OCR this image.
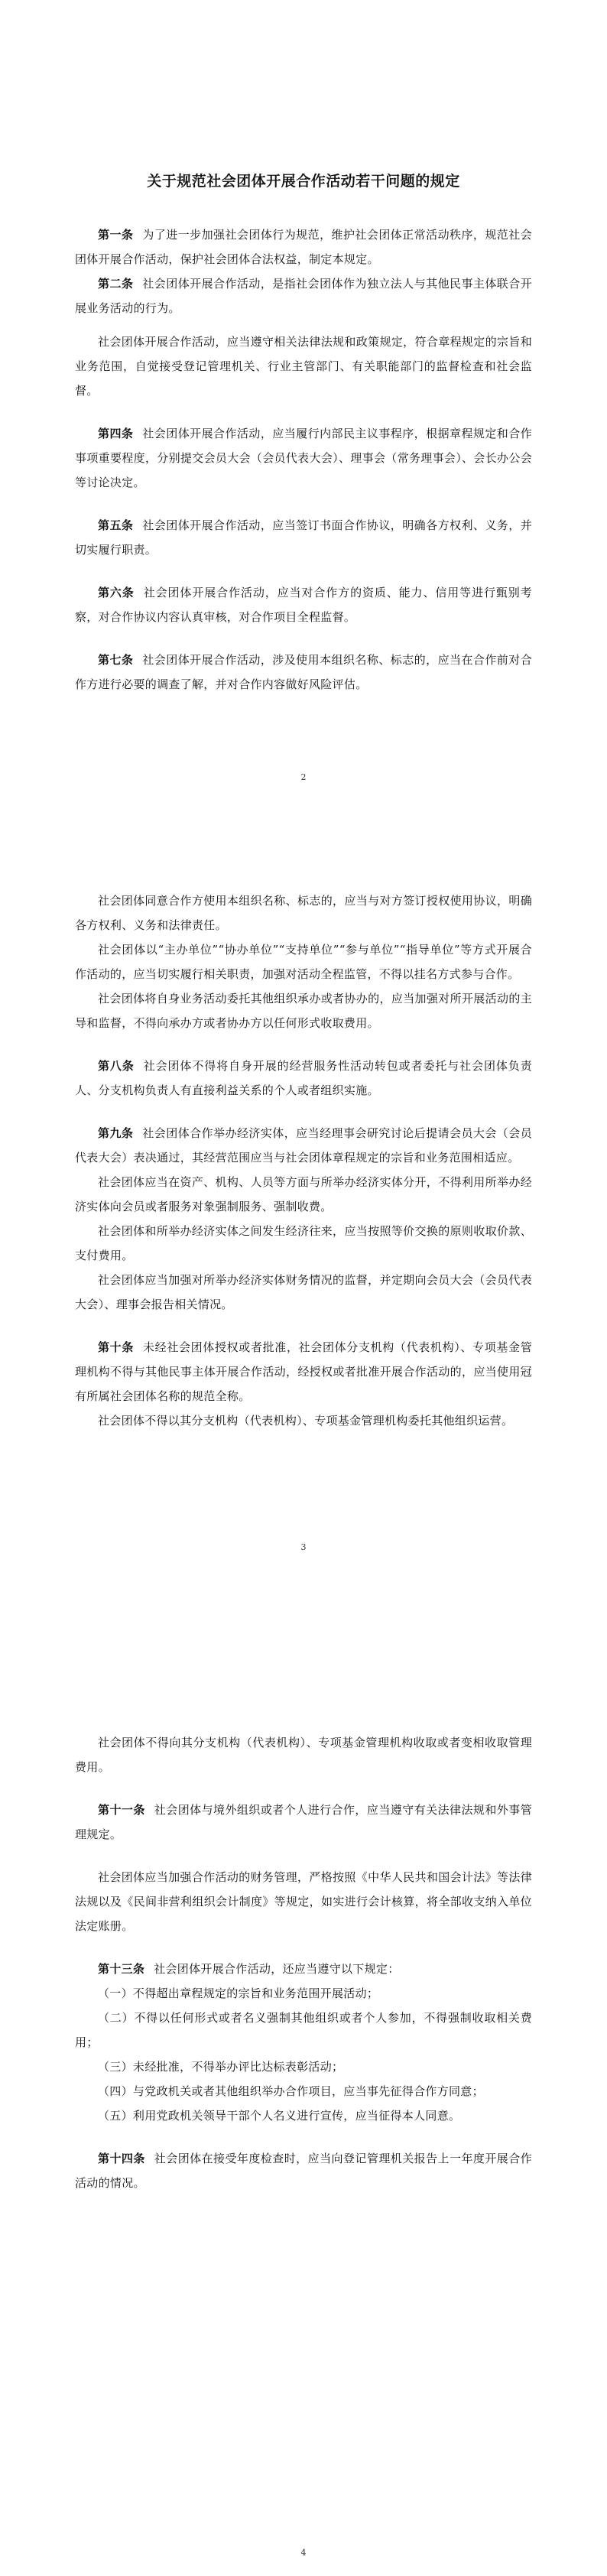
关于规范社会团体开展合作活动若干问题的规定

第一条 为了进一步加强社会团体行为规范，维护社会团体正常活动秩序，规范社会团体开展合作活动，保护社会团体合法权益，制定本规定。

第二条 社会团体开展合作活动，是指社会团体作为独立法人与其他民事主体联合开展业务活动的行为。

社会团体开展合作活动，应当遵守相关法律法规和政策规定，符合章程规定的宗旨和业务范围，自觉接受登记管理机关、行业主管部门、有关职能部门的监督检查和社会监督。

第四条 社会团体开展合作活动，应当履行内部民主议事程序，根据章程规定和合作事项重要程度，分别提交会员大会（会员代表大会）、理事会（常务理事会）、会长办公会等讨论决定。

第五条 社会团体开展合作活动，应当签订书面合作协议，明确各方权利、义务，并切实履行职责。

第六条 社会团体开展合作活动，应当对合作方的资质、能力、信用等进行甄别考察，对合作协议内容认真审核，对合作项目全程监督。

第七条 社会团体开展合作活动，涉及使用本组织名称、标志的，应当在合作前对合作方进行必要的调查了解，并对合作内容做好风险评估。

2

社会团体同意合作方使用本组织名称、标志的，应当与对方签订授权使用协议，明确各方权利、义务和法律责任。

社会团体以“主办单位”“协办单位”“支持单位”“参与单位”“指导单位”等方式开展合作活动的，应当切实履行相关职责，加强对活动全程监管，不得以挂名方式参与合作。

社会团体将自身业务活动委托其他组织承办或者协办的，应当加强对所开展活动的主导和监督，不得向承办方或者协办方以任何形式收取费用。

第八条 社会团体不得将自身开展的经营服务性活动转包或者委托与社会团体负责人、分支机构负责人有直接利益关系的个人或者组织实施。

第九条 社会团体合作举办经济实体，应当经理事会研究讨论后提请会员大会（会员代表大会）表决通过，其经营范围应当与社会团体章程规定的宗旨和业务范围相适应。

社会团体应当在资产、机构、人员等方面与所举办经济实体分开，不得利用所举办经济实体向会员或者服务对象强制服务、强制收费。

社会团体和所举办经济实体之间发生经济往来，应当按照等价交换的原则收取价款、支付费用。

社会团体应当加强对所举办经济实体财务情况的监督，并定期向会员大会（会员代表大会）、理事会报告相关情况。

第十条 未经社会团体授权或者批准，社会团体分支机构（代表机构）、专项基金管理机构不得与其他民事主体开展合作活动，经授权或者批准开展合作活动的，应当使用冠有所属社会团体名称的规范全称。

社会团体不得以其分支机构（代表机构）、专项基金管理机构委托其他组织运营。

3

社会团体不得向其分支机构（代表机构）、专项基金管理机构收取或者变相收取管理费用。

第十一条 社会团体与境外组织或者个人进行合作，应当遵守有关法律法规和外事管理规定。

社会团体应当加强合作活动的财务管理，严格按照《中华人民共和国会计法》等法律法规以及《民间非营利组织会计制度》等规定，如实进行会计核算，将全部收支纳入单位法定账册。

第十三条 社会团体开展合作活动，还应当遵守以下规定：

（一）不得超出章程规定的宗旨和业务范围开展活动；

（二）不得以任何形式或者名义强制其他组织或者个人参加，不得强制收取相关费用；

（三）未经批准，不得举办评比达标表彰活动；

（四）与党政机关或者其他组织举办合作项目，应当事先征得合作方同意；

（五）利用党政机关领导干部个人名义进行宣传，应当征得本人同意。

第十四条 社会团体在接受年度检查时，应当向登记管理机关报告上一年度开展合作活动的情况。

4
